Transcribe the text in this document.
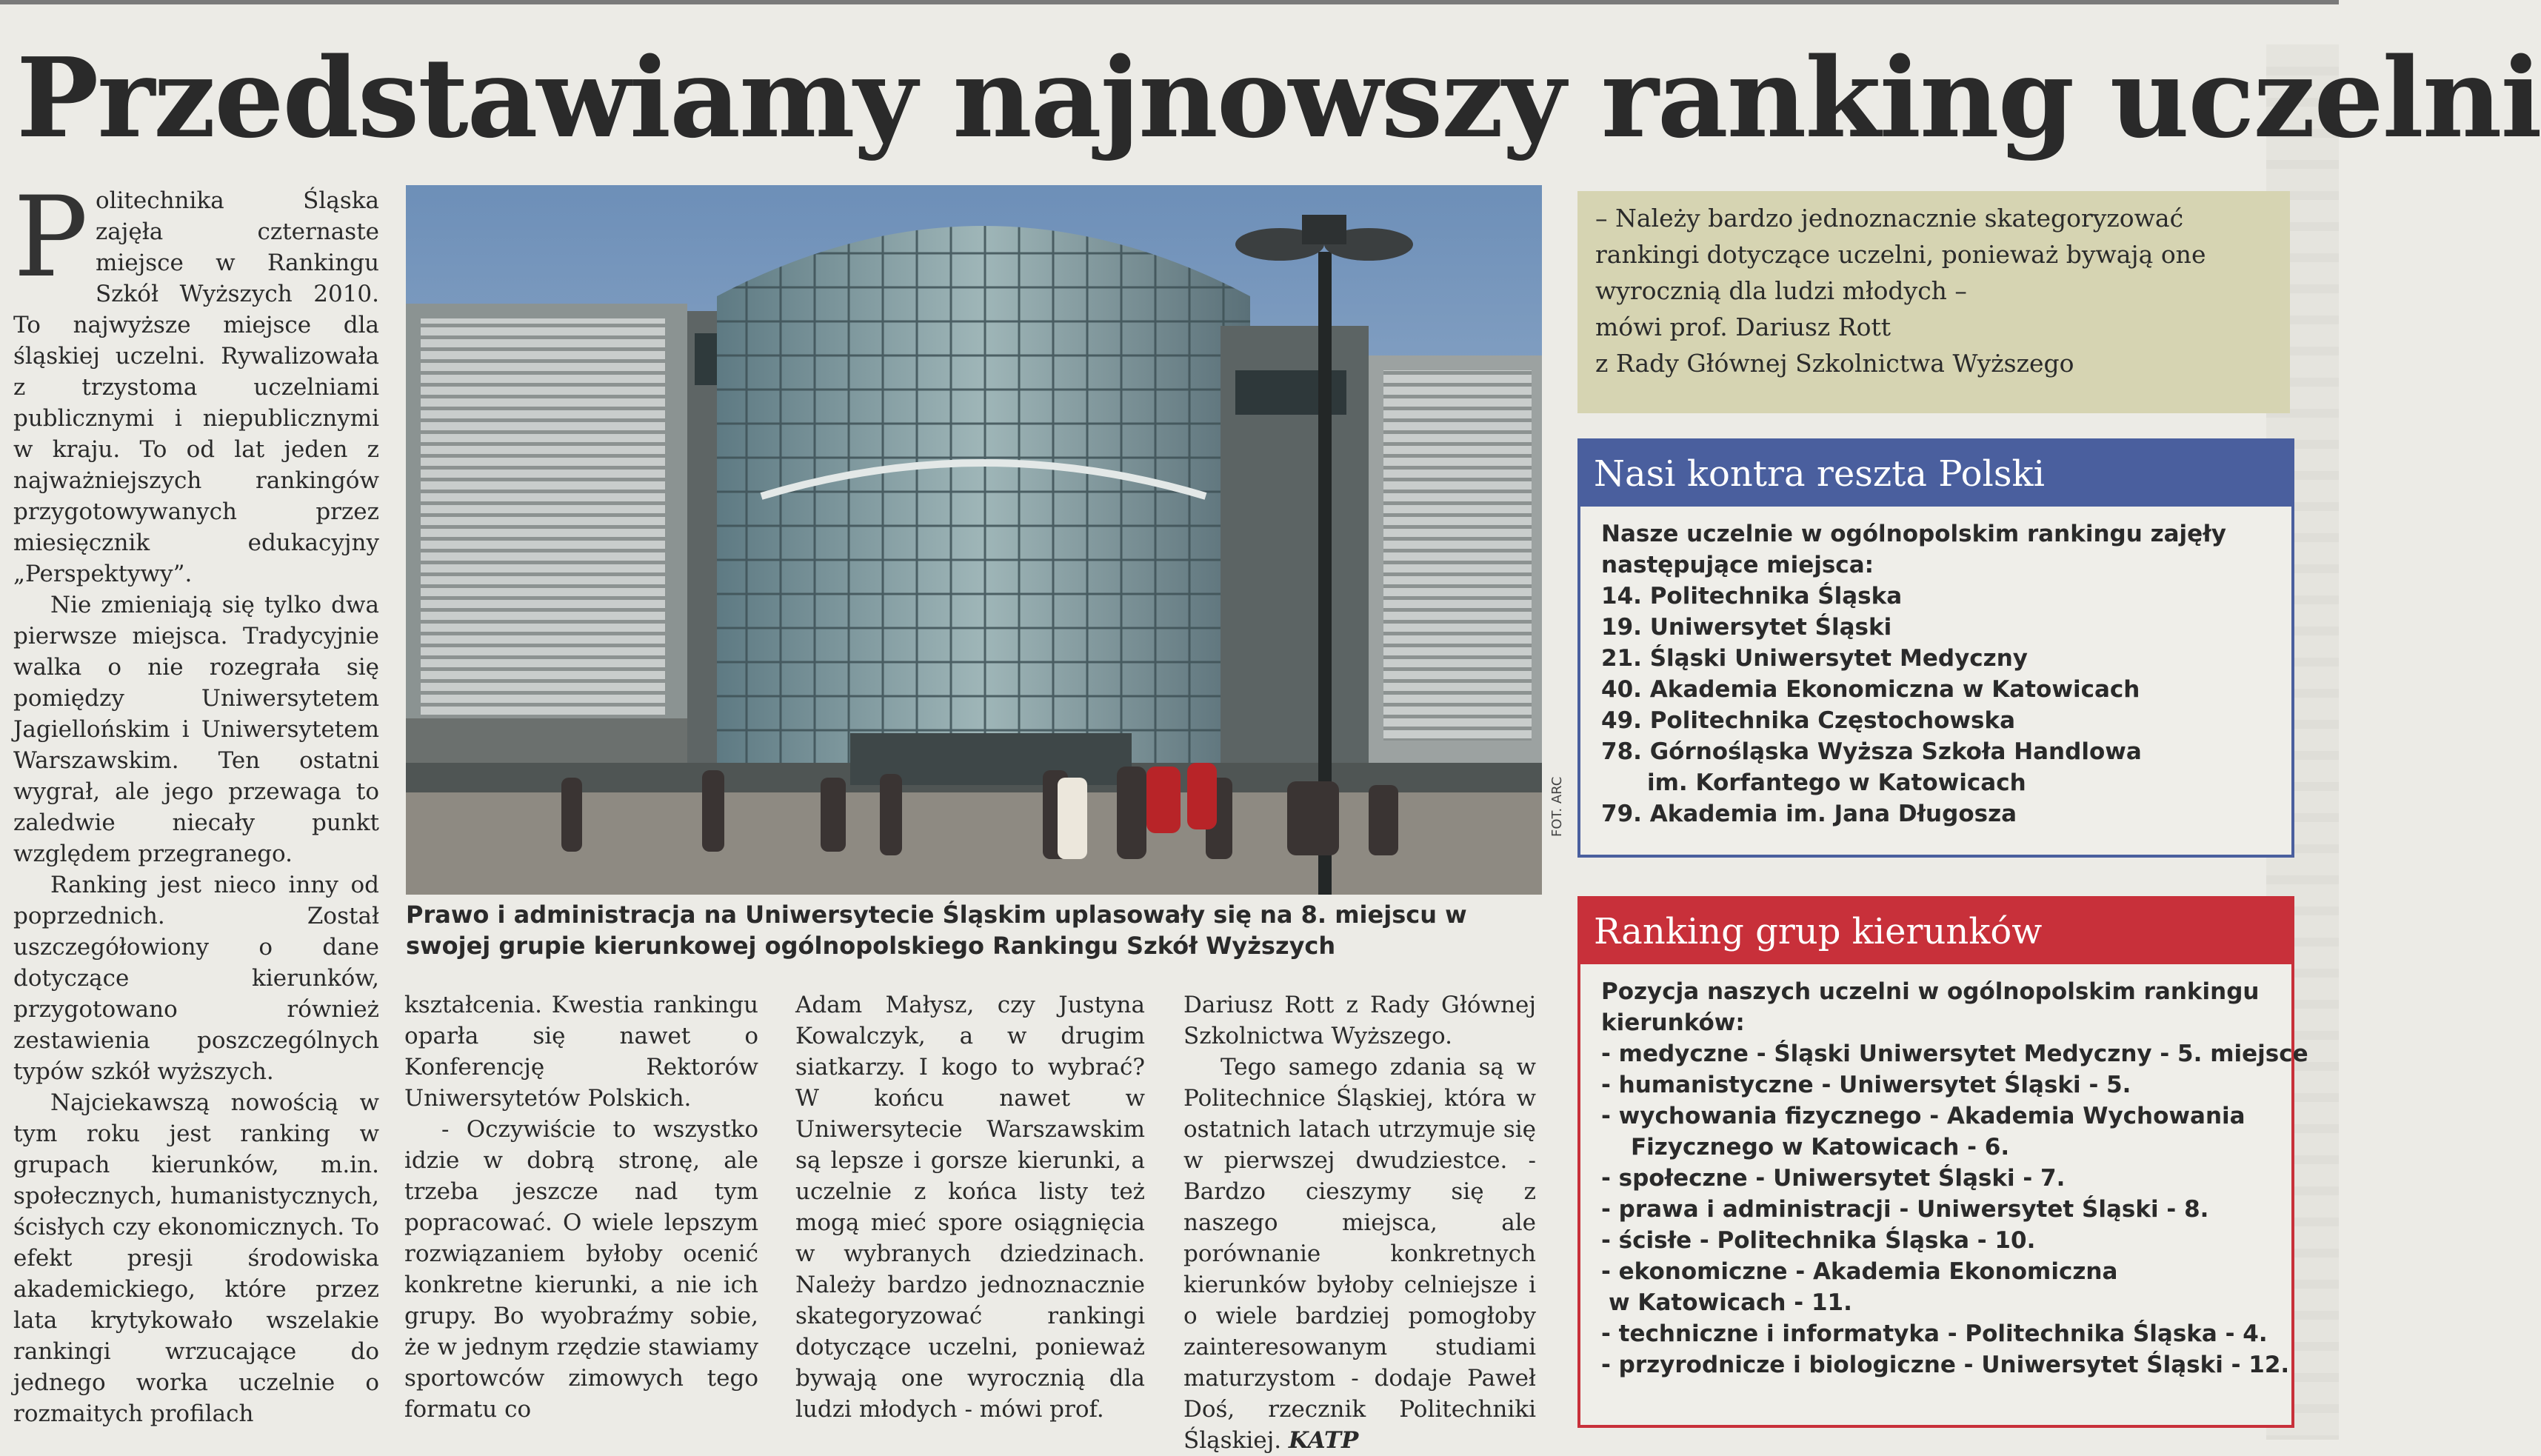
Przedstawiamy najnowszy ranking uczelni

Politechnika Śląska zajęła czternaste miejsce w Rankingu Szkół Wyższych 2010. To najwyższe miejsce dla śląskiej uczelni. Rywalizowała z trzystoma uczelniami publicznymi i niepublicznymi w kraju. To od lat jeden z najważniejszych rankingów przygotowywanych przez miesięcznik edukacyjny „Perspektywy”.

Nie zmieniają się tylko dwa pierwsze miejsca. Tradycyjnie walka o nie rozegrała się pomiędzy Uniwersytetem Jagiellońskim i Uniwersytetem Warszawskim. Ten ostatni wygrał, ale jego przewaga to zaledwie niecały punkt względem przegranego.

Ranking jest nieco inny od poprzednich. Został uszczegółowiony o dane dotyczące kierunków, przygotowano również zestawienia poszczególnych typów szkół wyższych.

Najciekawszą nowością w tym roku jest ranking w grupach kierunków, m.in. społecznych, humanistycznych, ścisłych czy ekonomicznych. To efekt presji środowiska akademickiego, które przez lata krytykowało wszelakie rankingi wrzucające do jednego worka uczelnie o rozmaitych profilach

FOT. ARC
Prawo i administracja na Uniwersytecie Śląskim uplasowały się na 8. miejscu w swojej grupie kierunkowej ogólnopolskiego Rankingu Szkół Wyższych

kształcenia. Kwestia rankingu oparła się nawet o Konferencję Rektorów Uniwersytetów Polskich.

- Oczywiście to wszystko idzie w dobrą stronę, ale trzeba jeszcze nad tym popracować. O wiele lepszym rozwiązaniem byłoby ocenić konkretne kierunki, a nie ich grupy. Bo wyobraźmy sobie, że w jednym rzędzie stawiamy sportowców zimowych tego formatu co

Adam Małysz, czy Justyna Kowalczyk, a w drugim siatkarzy. I kogo to wybrać? W końcu nawet w Uniwersytecie Warszawskim są lepsze i gorsze kierunki, a uczelnie z końca listy też mogą mieć spore osiągnięcia w wybranych dziedzinach. Należy bardzo jednoznacznie skategoryzować rankingi dotyczące uczelni, ponieważ bywają one wyrocznią dla ludzi młodych - mówi prof.

Dariusz Rott z Rady Głównej Szkolnictwa Wyższego.

Tego samego zdania są w Politechnice Śląskiej, która w ostatnich latach utrzymuje się w pierwszej dwudziestce. - Bardzo cieszymy się z naszego miejsca, ale porównanie konkretnych kierunków byłoby celniejsze i o wiele bardziej pomogłoby zainteresowanym studiami maturzystom - dodaje Paweł Doś, rzecznik Politechniki Śląskiej. KATP

– Należy bardzo jednoznacznie skategoryzować
rankingi dotyczące uczelni, ponieważ bywają one
wyrocznią dla ludzi młodych –
mówi prof. Dariusz Rott
z Rady Głównej Szkolnictwa Wyższego
Nasi kontra reszta Polski
Nasze uczelnie w ogólnopolskim rankingu zajęły
następujące miejsca:
14. Politechnika Śląska
19. Uniwersytet Śląski
21. Śląski Uniwersytet Medyczny
40. Akademia Ekonomiczna w Katowicach
49. Politechnika Częstochowska
78. Górnośląska Wyższa Szkoła Handlowa
im. Korfantego w Katowicach
79. Akademia im. Jana Długosza
Ranking grup kierunków
Pozycja naszych uczelni w ogólnopolskim rankingu
kierunków:
- medyczne - Śląski Uniwersytet Medyczny - 5. miejsce
- humanistyczne - Uniwersytet Śląski - 5.
- wychowania fizycznego - Akademia Wychowania
Fizycznego w Katowicach - 6.
- społeczne - Uniwersytet Śląski - 7.
- prawa i administracji - Uniwersytet Śląski - 8.
- ścisłe - Politechnika Śląska - 10.
- ekonomiczne - Akademia Ekonomiczna
w Katowicach - 11.
- techniczne i informatyka - Politechnika Śląska - 4.
- przyrodnicze i biologiczne - Uniwersytet Śląski - 12.
